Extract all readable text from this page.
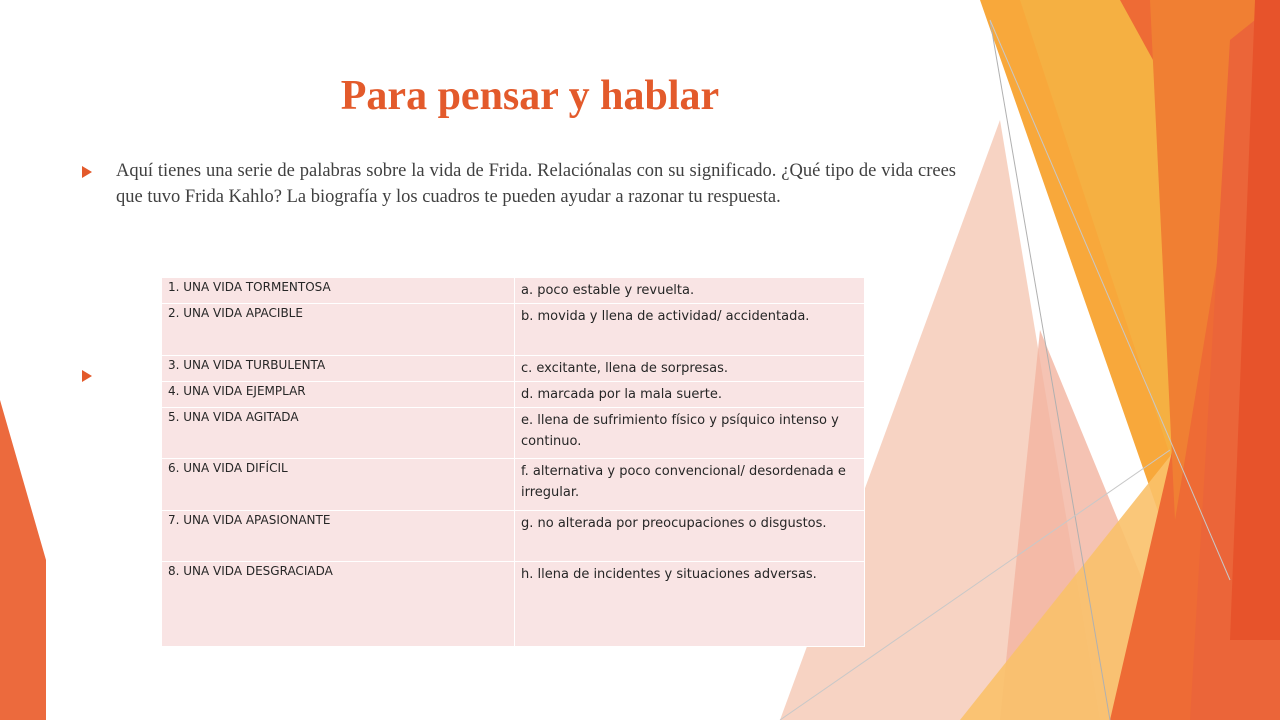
Para pensar y hablar

Aquí tienes una serie de palabras sobre la vida de Frida. Relaciónalas con su significado. ¿Qué tipo de vida crees que tuvo Frida Kahlo? La biografía y los cuadros te pueden ayudar a razonar tu respuesta.

1. UNA VIDA TORMENTOSA	a. poco estable y revuelta.
2. UNA VIDA APACIBLE	b. movida y llena de actividad/ accidentada.
3. UNA VIDA TURBULENTA	c. excitante, llena de sorpresas.
4. UNA VIDA EJEMPLAR	d. marcada por la mala suerte.
5. UNA VIDA AGITADA	e. llena de sufrimiento físico y psíquico intenso y continuo.
6. UNA VIDA DIFÍCIL	f. alternativa y poco convencional/ desordenada e irregular.
7. UNA VIDA APASIONANTE	g. no alterada por preocupaciones o disgustos.
8. UNA VIDA DESGRACIADA	h. llena de incidentes y situaciones adversas.
